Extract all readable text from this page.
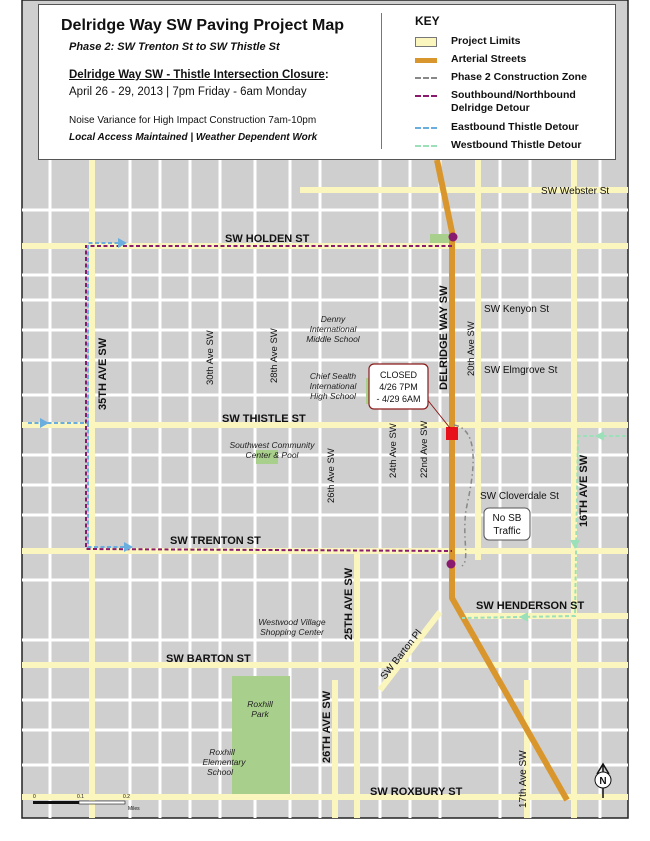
CLOSED
4/26 7PM
- 4/29 6AM
No SB
Traffic
SW Webster St
SW HOLDEN ST
SW Kenyon St
SW Elmgrove St
SW THISTLE ST
SW Cloverdale St
SW TRENTON ST
SW HENDERSON ST
SW BARTON ST
SW ROXBURY ST
DELRIDGE WAY SW
35TH AVE SW	30th Ave SW	28th Ave SW
26th Ave SW
25TH AVE SW
26TH AVE SW
24th Ave SW 22nd Ave SW
20th Ave SW
17th Ave SW
16TH AVE SW
SW Barton Pl
Denny
International
Middle School
Chief Sealth
International
High School
Southwest Community
Center & Pool
Westwood Village
Shopping Center
Roxhill
Park
Roxhill
Elementary
School
0	0.1	0.2
Miles
N
Delridge Way SW Paving Project Map
Phase 2: SW Trenton St to SW Thistle St
Delridge Way SW - Thistle Intersection Closure:
April 26 - 29, 2013 | 7pm Friday - 6am Monday
Noise Variance for High Impact Construction 7am-10pm
Local Access Maintained | Weather Dependent Work
KEY
Project Limits
Arterial Streets
Phase 2 Construction Zone
Southbound/Northbound
Delridge Detour
Eastbound Thistle Detour
Westbound Thistle Detour
